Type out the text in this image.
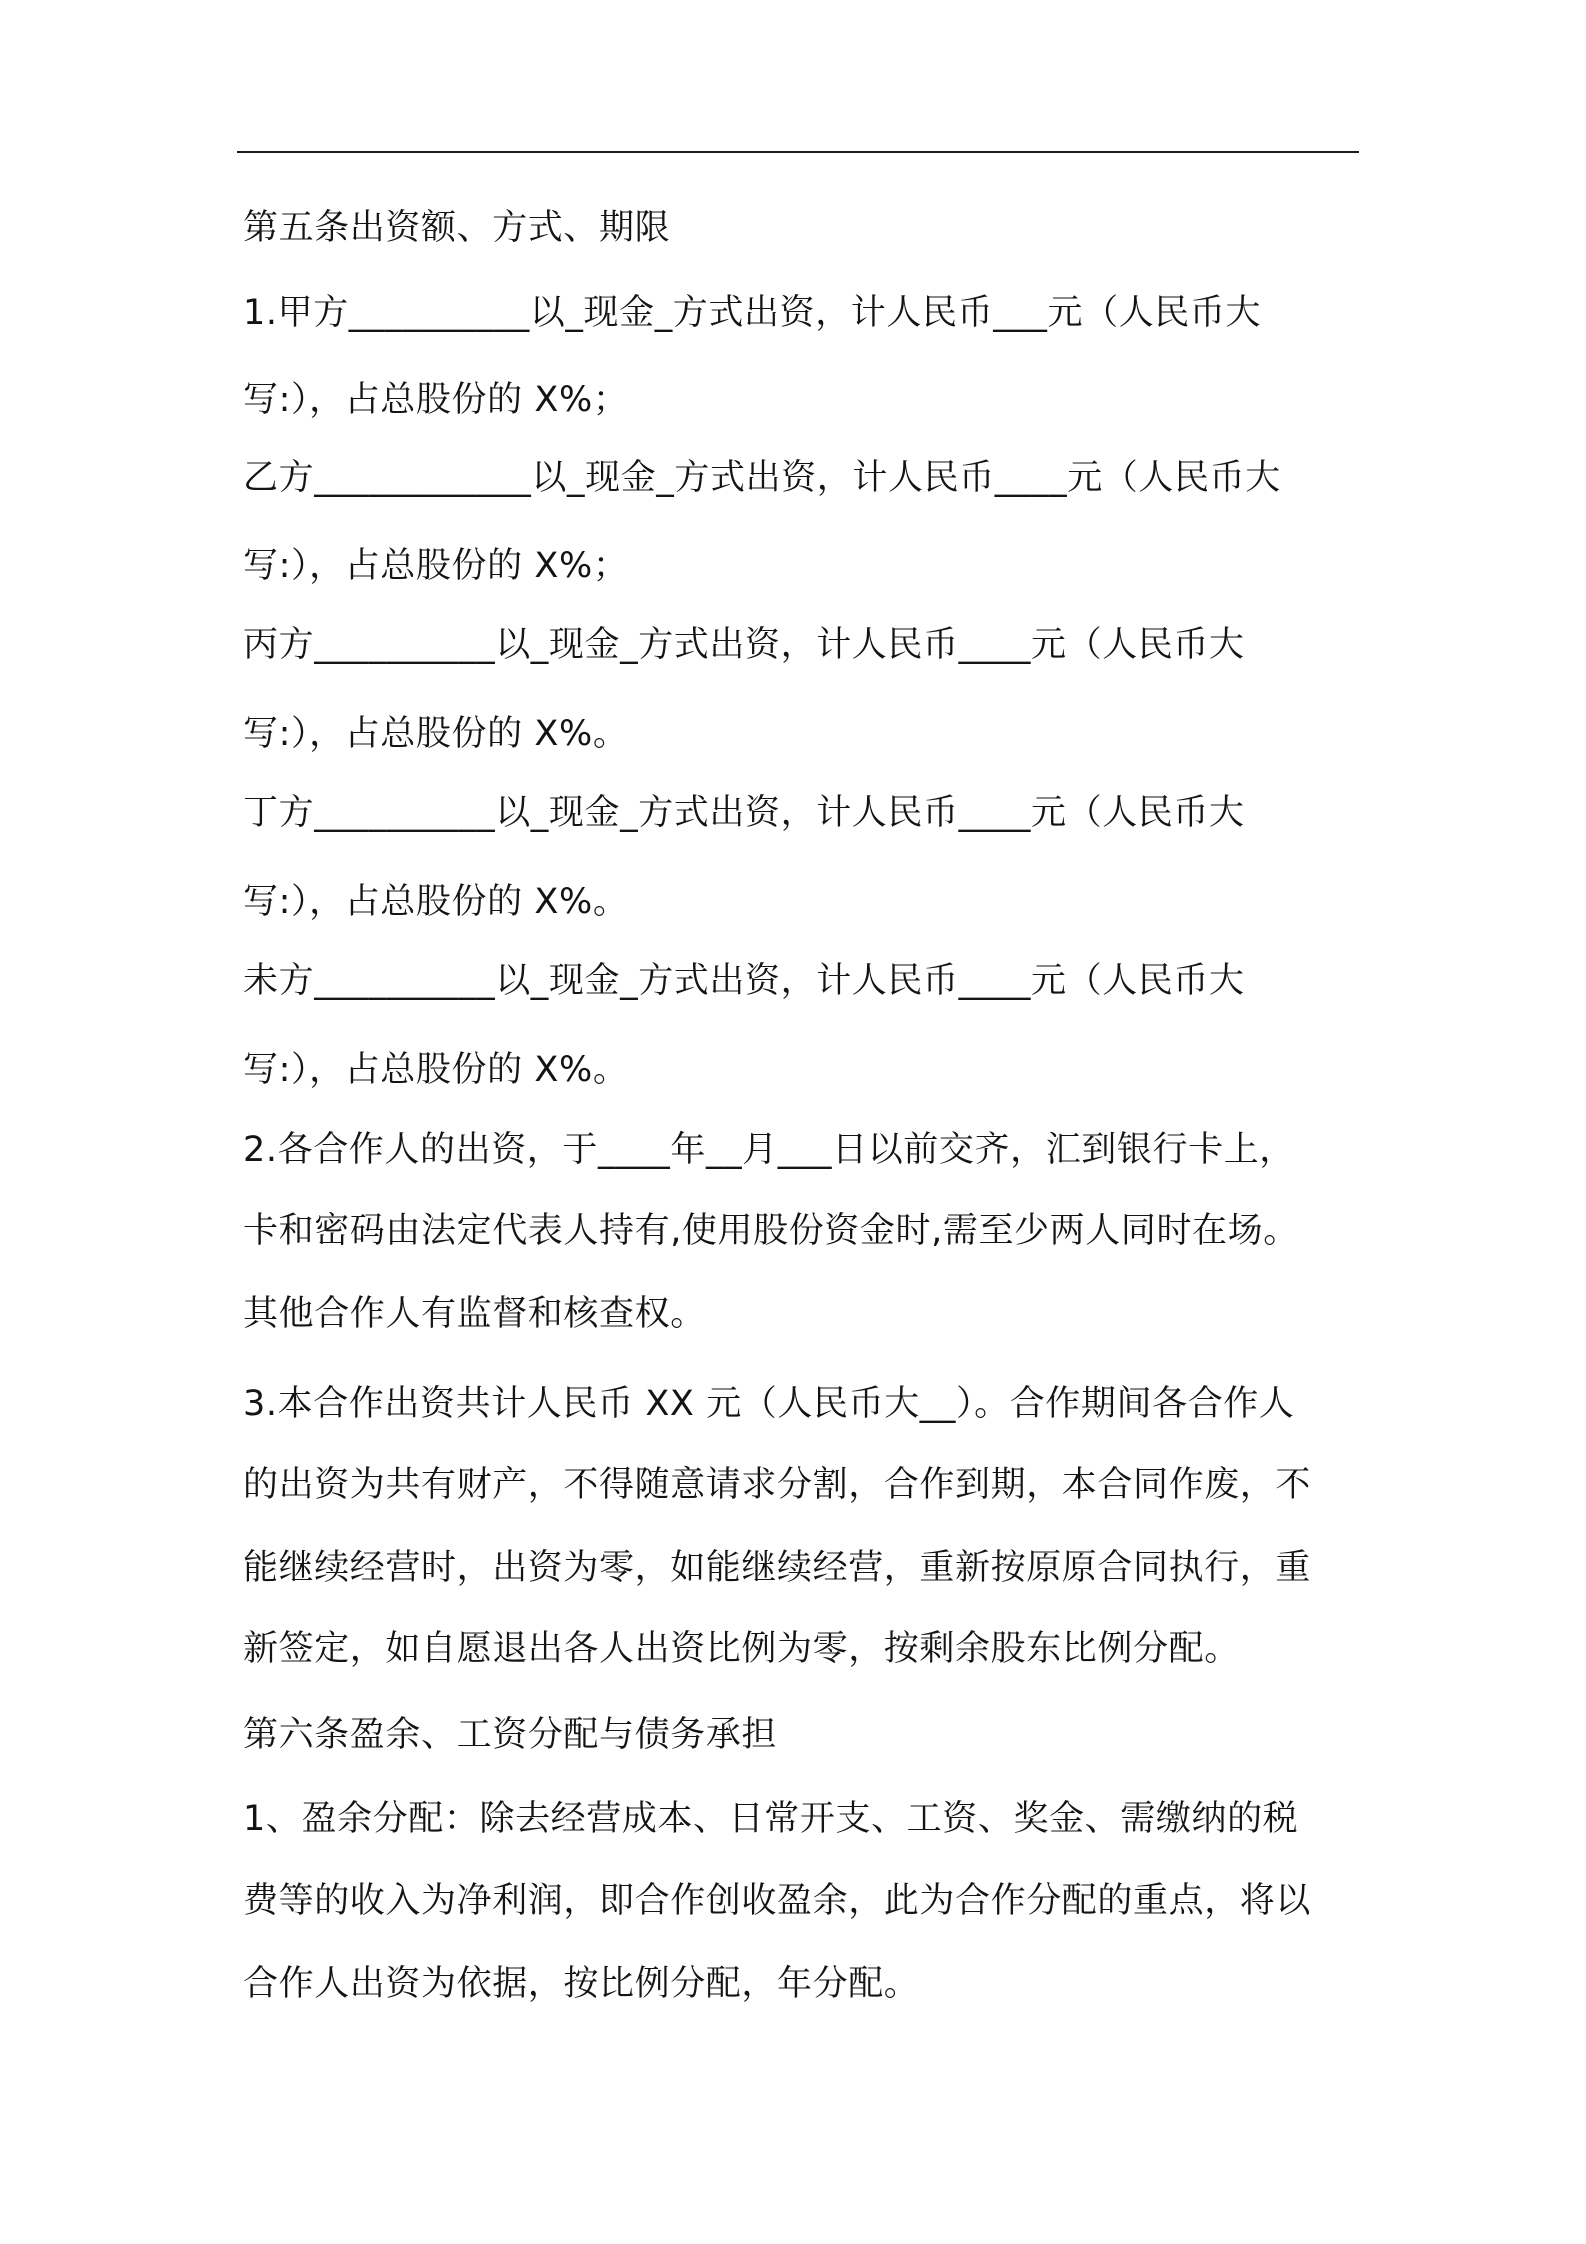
第五条出资额、方式、期限
1.甲方__________以_现金_方式出资，计人民币___元（人民币大
写:），占总股份的 X%；
乙方____________以_现金_方式出资，计人民币____元（人民币大
写:），占总股份的 X%；
丙方__________以_现金_方式出资，计人民币____元（人民币大
写:），占总股份的 X%。
丁方__________以_现金_方式出资，计人民币____元（人民币大
写:），占总股份的 X%。
未方__________以_现金_方式出资，计人民币____元（人民币大
写:），占总股份的 X%。
2.各合作人的出资，于____年__月___日以前交齐，汇到银行卡上，
卡和密码由法定代表人持有,使用股份资金时,需至少两人同时在场。
其他合作人有监督和核查权。
3.本合作出资共计人民币 XX 元（人民币大__）。合作期间各合作人
的出资为共有财产，不得随意请求分割，合作到期，本合同作废，不
能继续经营时，出资为零，如能继续经营，重新按原原合同执行，重
新签定，如自愿退出各人出资比例为零，按剩余股东比例分配。
第六条盈余、工资分配与债务承担
1、盈余分配：除去经营成本、日常开支、工资、奖金、需缴纳的税
费等的收入为净利润，即合作创收盈余，此为合作分配的重点，将以
合作人出资为依据，按比例分配，年分配。
